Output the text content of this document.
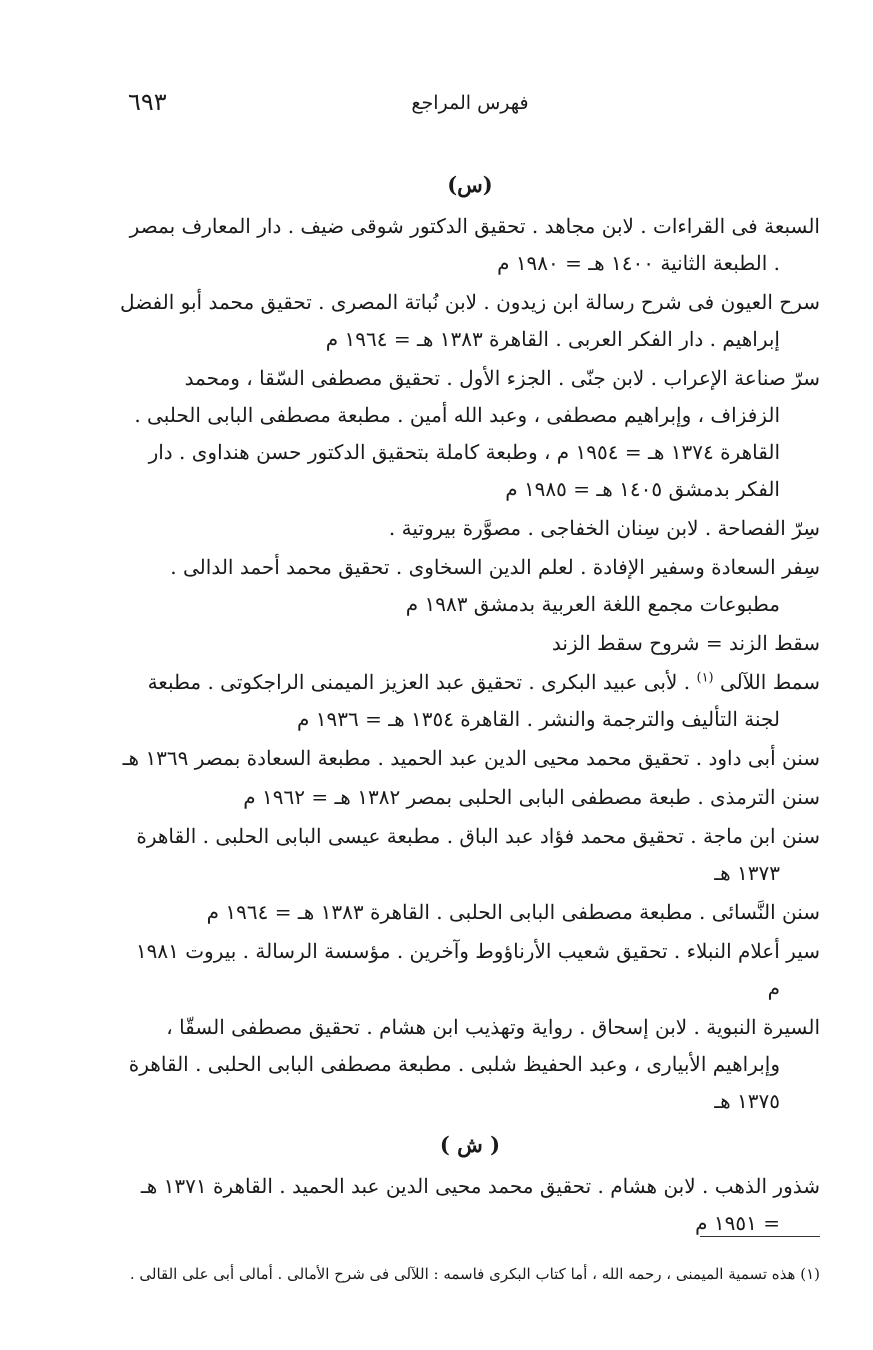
فهرس المراجع
٦٩٣
(س)

السبعة فى القراءات . لابن مجاهد . تحقيق الدكتور شوقى ضيف . دار المعارف بمصر . الطبعة الثانية ١٤٠٠ هـ = ١٩٨٠ م

سرح العيون فى شرح رسالة ابن زيدون . لابن نُباتة المصرى . تحقيق محمد أبو الفضل إبراهيم . دار الفكر العربى . القاهرة ١٣٨٣ هـ = ١٩٦٤ م

سرّ صناعة الإعراب . لابن جنّى . الجزء الأول . تحقيق مصطفى السّقا ، ومحمد الزفزاف ، وإبراهيم مصطفى ، وعبد الله أمين . مطبعة مصطفى البابى الحلبى . القاهرة ١٣٧٤ هـ = ١٩٥٤ م ، وطبعة كاملة بتحقيق الدكتور حسن هنداوى . دار الفكر بدمشق ١٤٠٥ هـ = ١٩٨٥ م

سِرّ الفصاحة . لابن سِنان الخفاجى . مصوَّرة بيروتية .

سِفر السعادة وسفير الإفادة . لعلم الدين السخاوى . تحقيق محمد أحمد الدالى . مطبوعات مجمع اللغة العربية بدمشق ١٩٨٣ م

سقط الزند = شروح سقط الزند

سمط اللآلى $^{(١)}$ . لأبى عبيد البكرى . تحقيق عبد العزيز الميمنى الراجكوتى . مطبعة لجنة التأليف والترجمة والنشر . القاهرة ١٣٥٤ هـ = ١٩٣٦ م

سنن أبى داود . تحقيق محمد محيى الدين عبد الحميد . مطبعة السعادة بمصر ١٣٦٩ هـ

سنن الترمذى . طبعة مصطفى البابى الحلبى بمصر ١٣٨٢ هـ = ١٩٦٢ م

سنن ابن ماجة . تحقيق محمد فؤاد عبد الباق . مطبعة عيسى البابى الحلبى . القاهرة ١٣٧٣ هـ

سنن النَّسائى . مطبعة مصطفى البابى الحلبى . القاهرة ١٣٨٣ هـ = ١٩٦٤ م

سير أعلام النبلاء . تحقيق شعيب الأرناؤوط وآخرين . مؤسسة الرسالة . بيروت ١٩٨١ م

السيرة النبوية . لابن إسحاق . رواية وتهذيب ابن هشام . تحقيق مصطفى السقّا ، وإبراهيم الأبيارى ، وعبد الحفيظ شلبى . مطبعة مصطفى البابى الحلبى . القاهرة ١٣٧٥ هـ

( ش )

شذور الذهب . لابن هشام . تحقيق محمد محيى الدين عبد الحميد . القاهرة ١٣٧١ هـ = ١٩٥١ م

(١) هذه تسمية الميمنى ، رحمه الله ، أما كتاب البكرى فاسمه : اللآلى فى شرح الأمالى . أمالى أبى على القالى .
